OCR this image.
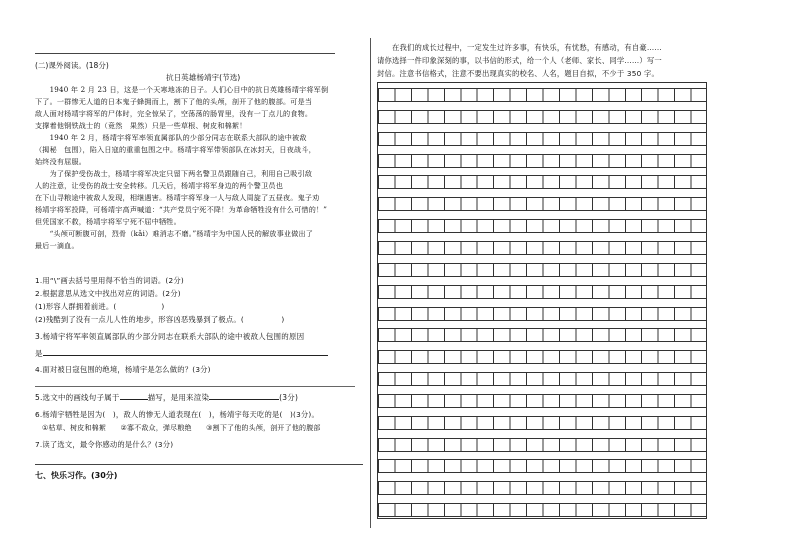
(二)课外阅读。(18分)
抗日英雄杨靖宇(节选)
　　1940 年 2 月 23 日，这是一个天寒地冻的日子。人们心目中的抗日英雄杨靖宇将军倒
下了。一群惨无人道的日本鬼子蜂拥而上，割下了他的头颅，剖开了他的腹部。可是当
敌人面对杨靖宇将军的尸体时，完全惊呆了，空荡荡的肠胃里，没有一丁点儿的食物。
支撑着他钢铁战士的（竟然　果然）只是一些草根、树皮和棉絮！
　　1940 年 2 月，杨靖宇将军率领直属部队的少部分同志在联系大部队的途中被敌
（揭秘　包围），陷入日寇的重重包围之中。杨靖宇将军带领部队在冰封天，日夜战斗，
始终没有屈服。
　　为了保护受伤战士，杨靖宇将军决定只留下两名警卫员跟随自己，利用自己吸引敌
人的注意，让受伤的战士安全转移。几天后，杨靖宇将军身边的两个警卫员也
在下山寻粮途中被敌人发现，相继遇害。杨靖宇将军身一人与敌人周旋了五昼夜。鬼子劝
杨靖宇将军投降，可杨靖宇高声喊道：“共产党员宁死不降！为革命牺牲没有什么可惜的！”
但凭国家不救，杨靖宇将军宁死不屈中牺牲。
　　“头颅可断腹可剖，烈骨（kǎi）难消志不磨。”杨靖宇为中国人民的解放事业做出了
最后一滴血。
1.用“\”画去括号里用得不恰当的词语。(2分)
2.根据意思从选文中找出对应的词语。(2分)
(1)形容人群拥着前进。(　　　　　　)
(2)残酷到了没有一点儿人性的地步，形容凶恶残暴到了极点。(　　　　　)
3.杨靖宇将军率领直属部队的少部分同志在联系大部队的途中被敌人包围的原因
是
4.面对被日寇包围的绝境，杨靖宇是怎么做的？(3分)
5.选文中的画线句子属于	描写，是用来渲染	(3分)
6.杨靖宇牺牲是因为(　)，敌人的惨无人道表现在(　)，杨靖宇每天吃的是(　)(3分)。
①枯草、树皮和棉絮　　②寡不敌众，弹尽粮绝　　③割下了他的头颅，剖开了他的腹部
7.读了选文，最令你感动的是什么？(3分)
七、快乐习作。(30分)
　　在我们的成长过程中，一定发生过许多事，有快乐，有忧愁，有感动，有自豪……
请你选择一件印象深刻的事，以书信的形式，给一个人（老师、家长、同学……）写一
封信。注意书信格式，注意不要出现真实的校名、人名，题目自拟，不少于 350 字。
